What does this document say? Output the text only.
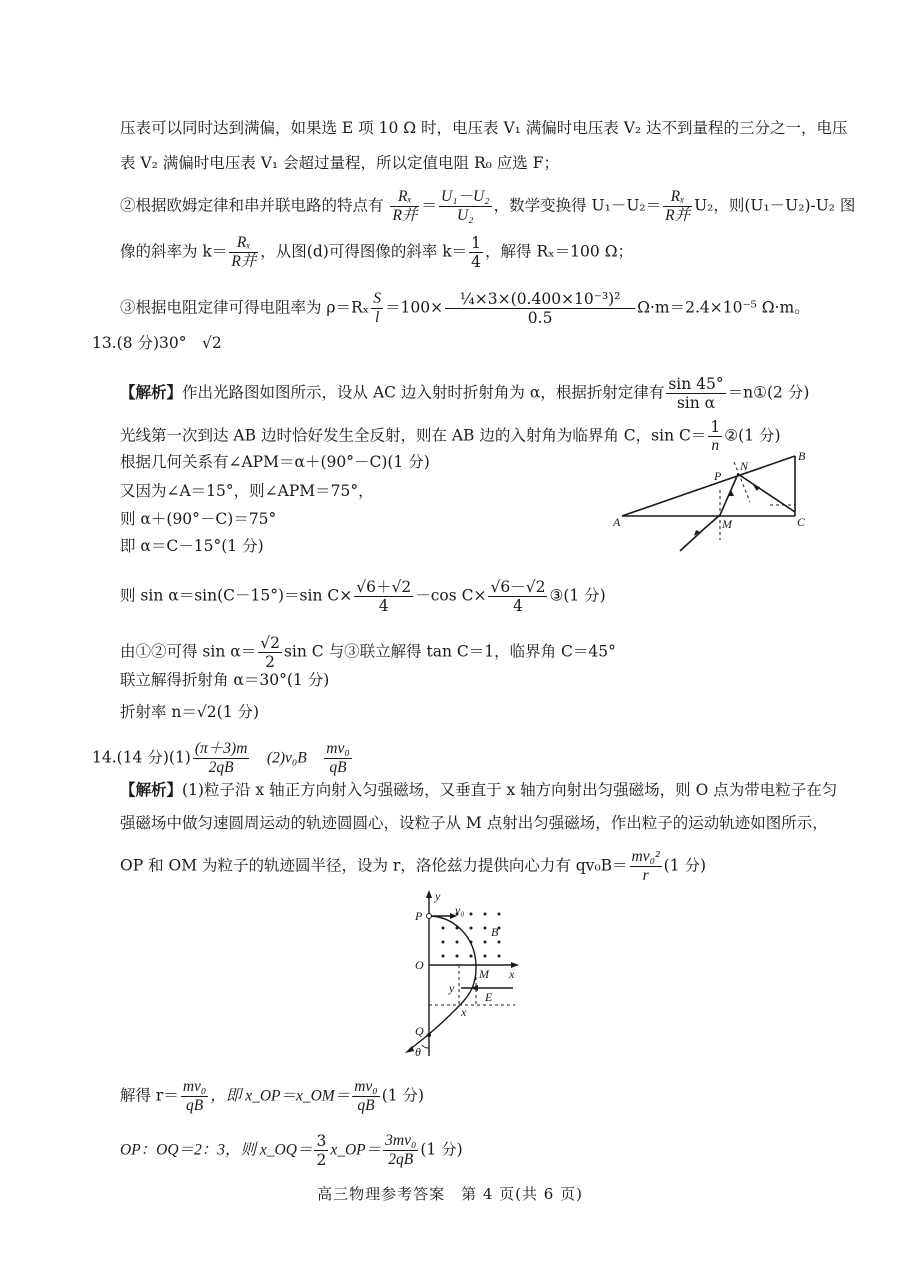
压表可以同时达到满偏，如果选 E 项 10 Ω 时，电压表 V₁ 满偏时电压表 V₂ 达不到量程的三分之一，电压
表 V₂ 满偏时电压表 V₁ 会超过量程，所以定值电阻 R₀ 应选 F；
②根据欧姆定律和串并联电路的特点有 $\frac{\text{Rₓ}}{\text{R并}} = \frac{\text{U₁－U₂}}{\text{U₂}}$ ，数学变换得 $U_1-U_2= \frac{\text{Rₓ}}{\text{R并}} U_2$，则(U₁－U₂)-U₂ 图
像的斜率为 $k= \frac{\text{Rₓ}}{\text{R并}}$ ，从图(d)可得图像的斜率 $k= \frac{1}{4}$ ，解得 Rₓ＝100 Ω；
③根据电阻定律可得电阻率为 $\rho=R_x \frac{S}{l} =100\times \frac{\text{¼×3×(0.400×10⁻³)²}}{0.5} \Omega\cdot m=2.4\times 10^{-5}$ Ω·m。
13.(8 分)30°　√2
【解析】作出光路图如图所示，设从 AC 边入射时折射角为 α，根据折射定律有 $\frac{\sin 45^\circ}{\text{sin α}}$ ＝n①(2 分)
光线第一次到达 AB 边时恰好发生全反射，则在 AB 边的入射角为临界角 C，$\sin C= \frac{1}{n}$ ②(1 分)
根据几何关系有∠APM＝α＋(90°－C)(1 分)
又因为∠A＝15°，则∠APM＝75°，
则 α＋(90°－C)＝75°
即 α＝C－15°(1 分)
则 sin α＝sin(C－15°)＝sin $C\times \frac{√6+√2}{4} -\cos$ $C\times \frac{√6-√2}{4}$ ③(1 分)
由①②可得 $\sin \alpha= \frac{√2}{2}$ sin C 与③联立解得 tan C＝1，临界角 C＝45°
联立解得折射角 α＝30°(1 分)
折射率 n＝√2(1 分)
A
B
C
P
N
M
14.(14 分)$(1) \frac{(\pi+3)m}{2qB}$
　 (2)v₀B　 $\frac{\text{mv₀}}{qB}$
【解析】(1)粒子沿 x 轴正方向射入匀强磁场，又垂直于 x 轴方向射出匀强磁场，则 O 点为带电粒子在匀
强磁场中做匀速圆周运动的轨迹圆圆心，设粒子从 M 点射出匀强磁场，作出粒子的运动轨迹如图所示，
OP 和 OM 为粒子的轨迹圆半径，设为 r，洛伦兹力提供向心力有 $qv_0B= \frac{\text{mv₀²}}{r} (1$ 分)
y
P	v₀
B
O
M x
y
E
x
Q
θ
解得 $r= \frac{\text{mv₀}}{qB}$ ，即 x_OP＝x_OM＝ $\frac{\text{mv₀}}{qB} (1$ 分)
OP：OQ＝2：3，则 x_OQ＝ $\frac{3}{2}$ x_OP＝ $\frac{\text{3mv₀}}{2qB} (1$ 分)
高三物理参考答案　第 4 页(共 6 页)
